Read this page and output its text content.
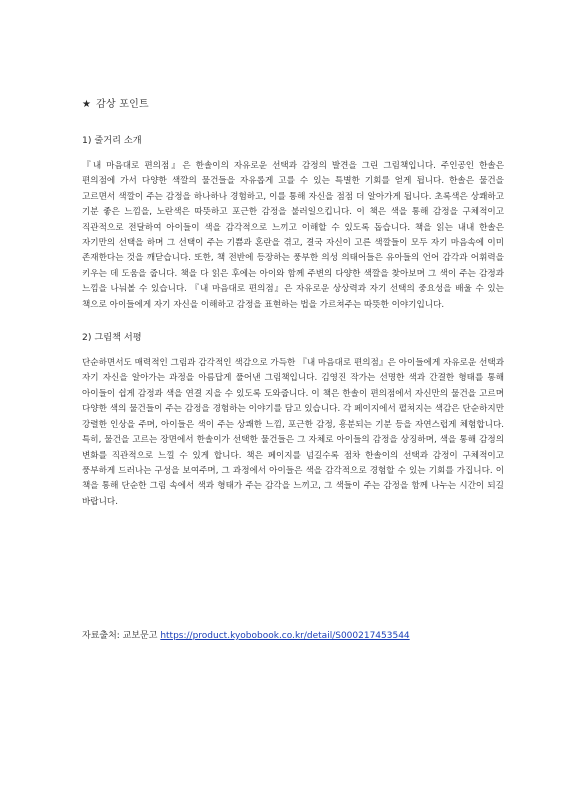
★ 감상 포인트
1) 줄거리 소개

『내 마음대로 편의점』은 한솔이의 자유로운 선택과 감정의 발견을 그린 그림책입니다. 주인공인 한솔은 편의점에 가서 다양한 색깔의 물건들을 자유롭게 고를 수 있는 특별한 기회를 얻게 됩니다. 한솔은 물건을 고르면서 색깔이 주는 감정을 하나하나 경험하고, 이를 통해 자신을 점점 더 알아가게 됩니다. 초록색은 상쾌하고 기분 좋은 느낌을, 노란색은 따뜻하고 포근한 감정을 불러일으킵니다. 이 책은 색을 통해 감정을 구체적이고 직관적으로 전달하여 아이들이 색을 감각적으로 느끼고 이해할 수 있도록 돕습니다. 책을 읽는 내내 한솔은 자기만의 선택을 하며 그 선택이 주는 기쁨과 혼란을 겪고, 결국 자신이 고른 색깔들이 모두 자기 마음속에 이미 존재한다는 것을 깨닫습니다. 또한, 책 전반에 등장하는 풍부한 의성 의태어들은 유아들의 언어 감각과 어휘력을 키우는 데 도움을 줍니다. 책을 다 읽은 후에는 아이와 함께 주변의 다양한 색깔을 찾아보며 그 색이 주는 감정과 느낌을 나눠볼 수 있습니다. 『내 마음대로 편의점』은 자유로운 상상력과 자기 선택의 중요성을 배울 수 있는 책으로 아이들에게 자기 자신을 이해하고 감정을 표현하는 법을 가르쳐주는 따뜻한 이야기입니다.

2) 그림책 서평

단순하면서도 매력적인 그림과 감각적인 색감으로 가득한 『내 마음대로 편의점』은 아이들에게 자유로운 선택과 자기 자신을 알아가는 과정을 아름답게 풀어낸 그림책입니다. 김영진 작가는 선명한 색과 간결한 형태를 통해 아이들이 쉽게 감정과 색을 연결 지을 수 있도록 도와줍니다. 이 책은 한솔이 편의점에서 자신만의 물건을 고르며 다양한 색의 물건들이 주는 감정을 경험하는 이야기를 담고 있습니다. 각 페이지에서 펼쳐지는 색감은 단순하지만 강렬한 인상을 주며, 아이들은 색이 주는 상쾌한 느낌, 포근한 감정, 흥분되는 기분 등을 자연스럽게 체험합니다. 특히, 물건을 고르는 장면에서 한솔이가 선택한 물건들은 그 자체로 아이들의 감정을 상징하며, 색을 통해 감정의 변화를 직관적으로 느낄 수 있게 합니다. 책은 페이지를 넘길수록 점차 한솔이의 선택과 감정이 구체적이고 풍부하게 드러나는 구성을 보여주며, 그 과정에서 아이들은 색을 감각적으로 경험할 수 있는 기회를 가집니다. 이 책을 통해 단순한 그림 속에서 색과 형태가 주는 감각을 느끼고, 그 색들이 주는 감정을 함께 나누는 시간이 되길 바랍니다.

자료출처: 교보문고 https://product.kyobobook.co.kr/detail/S000217453544
